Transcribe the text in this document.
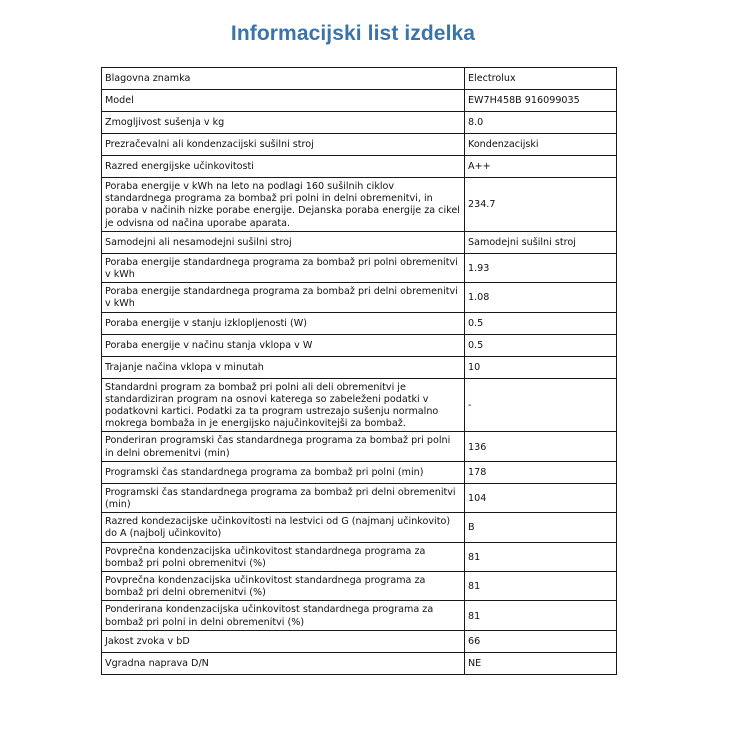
Informacijski list izdelka
Blagovna znamka	Electrolux
Model	EW7H458B 916099035
Zmogljivost sušenja v kg	8.0
Prezračevalni ali kondenzacijski sušilni stroj	Kondenzacijski
Razred energijske učinkovitosti	A++
Poraba energije v kWh na leto na podlagi 160 sušilnih ciklov standardnega programa za bombaž pri polni in delni obremenitvi, in poraba v načinih nizke porabe energije. Dejanska poraba energije za cikel je odvisna od načina uporabe aparata.	234.7
Samodejni ali nesamodejni sušilni stroj	Samodejni sušilni stroj
Poraba energije standardnega programa za bombaž pri polni obremenitvi v kWh	1.93
Poraba energije standardnega programa za bombaž pri delni obremenitvi v kWh	1.08
Poraba energije v stanju izklopljenosti (W)	0.5
Poraba energije v načinu stanja vklopa v W	0.5
Trajanje načina vklopa v minutah	10
Standardni program za bombaž pri polni ali deli obremenitvi je standardiziran program na osnovi katerega so zabeleženi podatki v podatkovni kartici. Podatki za ta program ustrezajo sušenju normalno mokrega bombaža in je energijsko najučinkovitejši za bombaž.	-
Ponderiran programski čas standardnega programa za bombaž pri polni in delni obremenitvi (min)	136
Programski čas standardnega programa za bombaž pri polni (min)	178
Programski čas standardnega programa za bombaž pri delni obremenitvi (min)	104
Razred kondezacijske učinkovitosti na lestvici od G (najmanj učinkovito) do A (najbolj učinkovito)	B
Povprečna kondenzacijska učinkovitost standardnega programa za bombaž pri polni obremenitvi (%)	81
Povprečna kondenzacijska učinkovitost standardnega programa za bombaž pri delni obremenitvi (%)	81
Ponderirana kondenzacijska učinkovitost standardnega programa za bombaž pri polni in delni obremenitvi (%)	81
Jakost zvoka v bD	66
Vgradna naprava D/N	NE
